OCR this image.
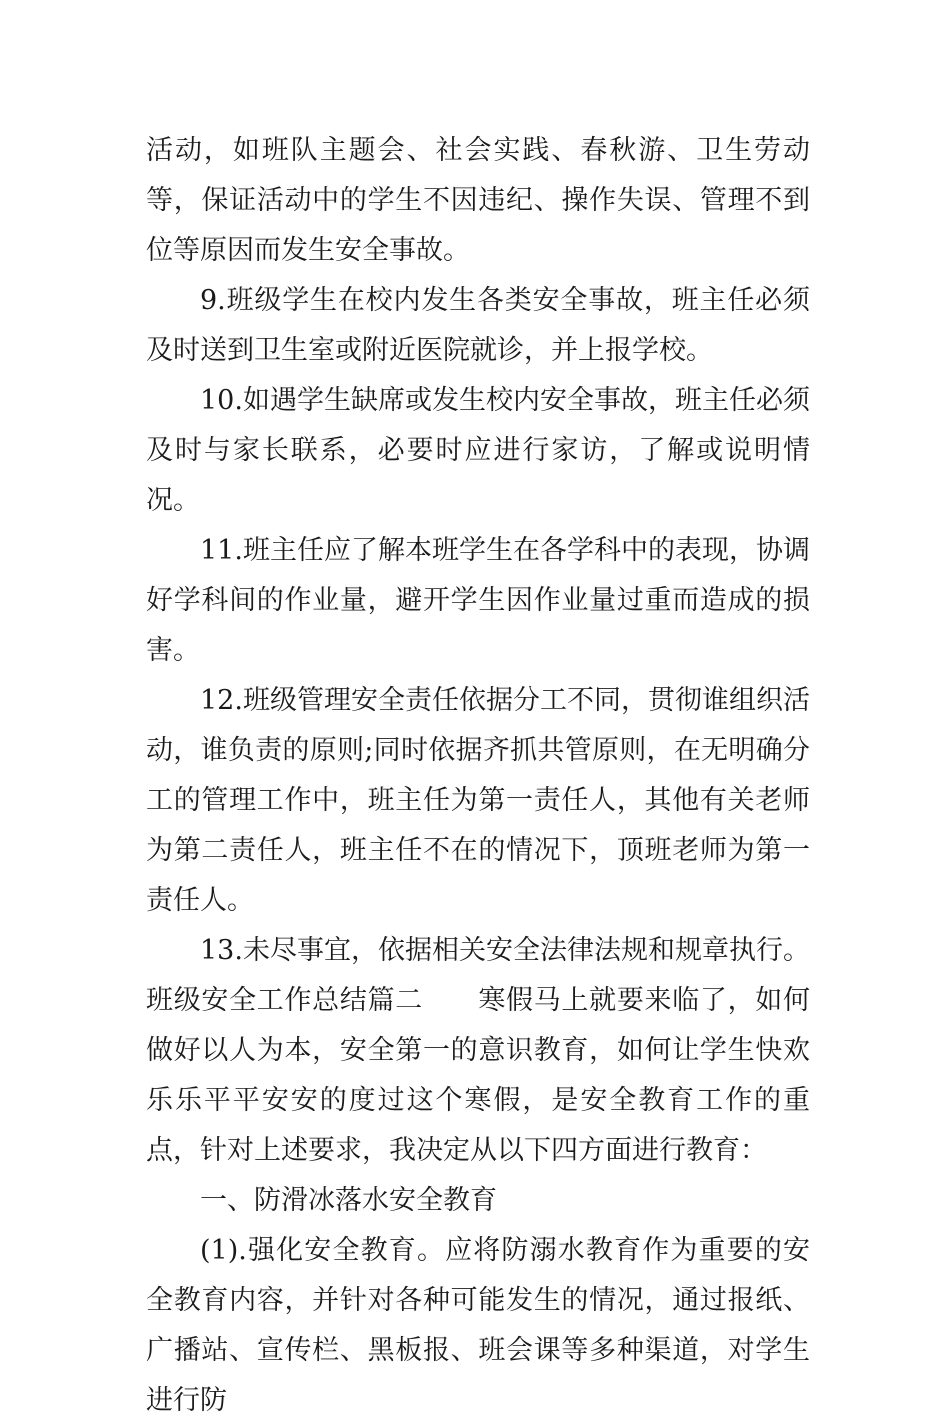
活动，如班队主题会、社会实践、春秋游、卫生劳动等，保证活动中的学生不因违纪、操作失误、管理不到位等原因而发生安全事故。

9.班级学生在校内发生各类安全事故，班主任必须及时送到卫生室或附近医院就诊，并上报学校。

10.如遇学生缺席或发生校内安全事故，班主任必须及时与家长联系，必要时应进行家访，了解或说明情况。

11.班主任应了解本班学生在各学科中的表现，协调好学科间的作业量，避开学生因作业量过重而造成的损害。

12.班级管理安全责任依据分工不同，贯彻谁组织活动，谁负责的原则;同时依据齐抓共管原则，在无明确分工的管理工作中，班主任为第一责任人，其他有关老师为第二责任人，班主任不在的情况下，顶班老师为第一责任人。

13.未尽事宜，依据相关安全法律法规和规章执行。

班级安全工作总结篇二　　寒假马上就要来临了，如何做好以人为本，安全第一的意识教育，如何让学生快欢乐乐平平安安的度过这个寒假，是安全教育工作的重点，针对上述要求，我决定从以下四方面进行教育：

一、防滑冰落水安全教育

(1).强化安全教育。应将防溺水教育作为重要的安全教育内容，并针对各种可能发生的情况，通过报纸、广播站、宣传栏、黑板报、班会课等多种渠道，对学生进行防
